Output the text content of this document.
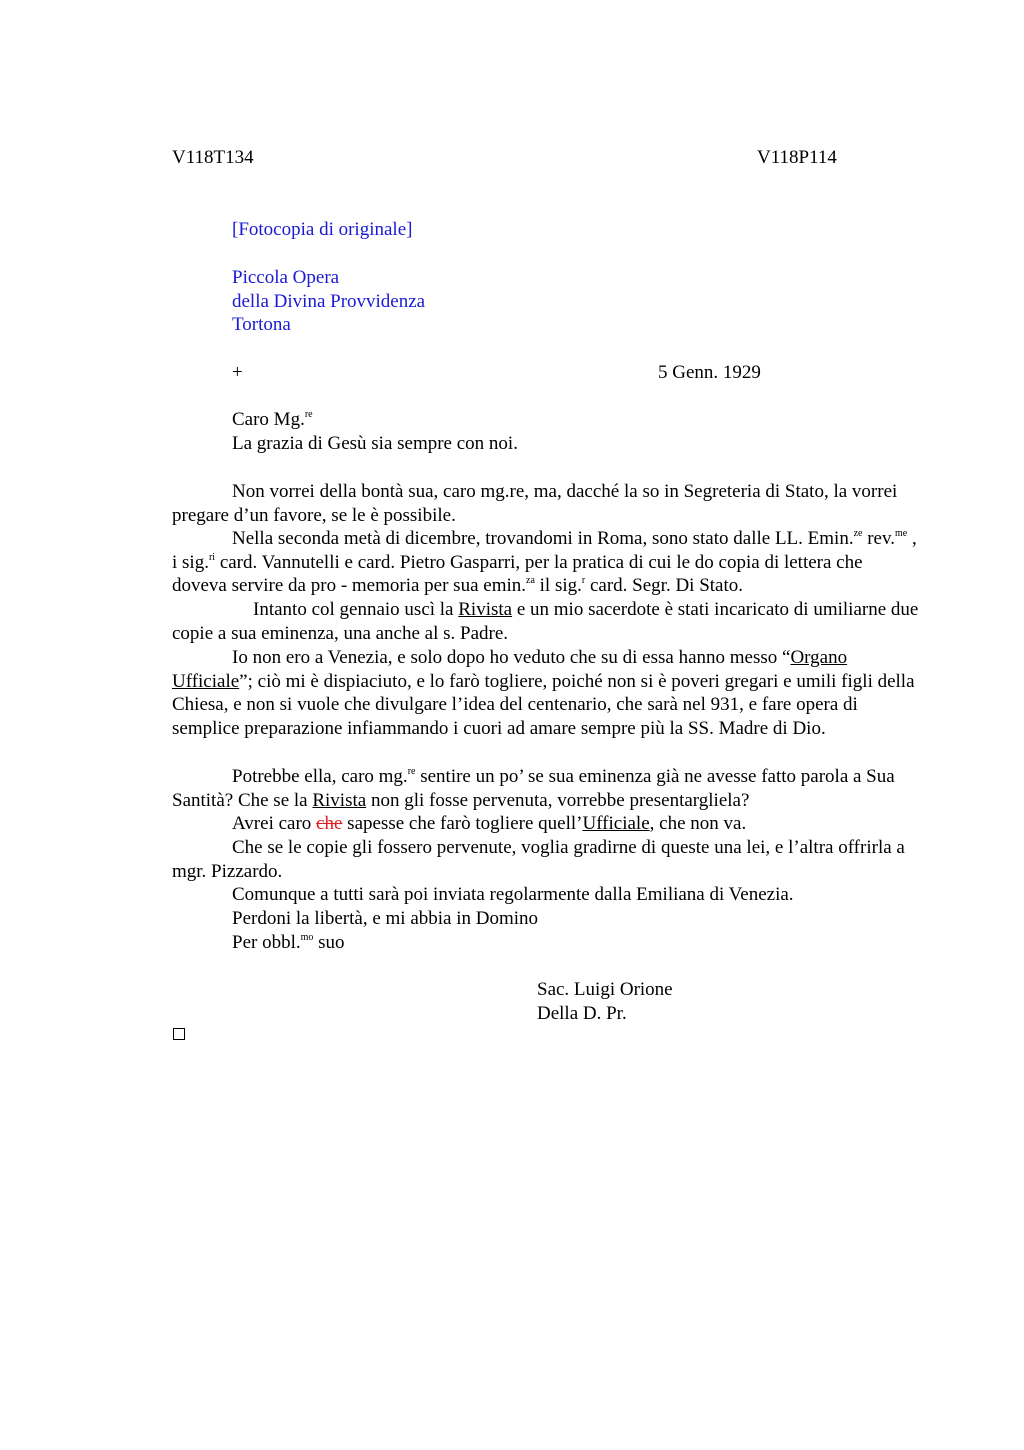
V118T134	V118P114
[Fotocopia di originale]
Piccola Opera
della Divina Provvidenza
Tortona
+	5 Genn. 1929
Caro Mg.$^{re}$
La grazia di Gesù sia sempre con noi.
Non vorrei della bontà sua, caro mg.re, ma, dacché la so in Segreteria di Stato, la vorrei pregare d’un favore, se le è possibile.
Nella seconda metà di dicembre, trovandomi in Roma, sono stato dalle LL. Emin.$^{ze}$ rev.$^{me}$ , i sig.$^{ri}$ card. Vannutelli e card. Pietro Gasparri, per la pratica di cui le do copia di lettera che doveva servire da pro - memoria per sua emin.$^{za}$ il sig.$^r$ card. Segr. Di Stato.
Intanto col gennaio uscì la Rivista e un mio sacerdote è stati incaricato di umiliarne due copie a sua eminenza, una anche al s. Padre.
Io non ero a Venezia, e solo dopo ho veduto che su di essa hanno messo “Organo Ufficiale”; ciò mi è dispiaciuto, e lo farò togliere, poiché non si è poveri gregari e umili figli della Chiesa, e non si vuole che divulgare l’idea del centenario, che sarà nel 931, e fare opera di semplice preparazione infiammando i cuori ad amare sempre più la SS. Madre di Dio.
Potrebbe ella, caro mg.$^{re}$ sentire un po’ se sua eminenza già ne avesse fatto parola a Sua Santità? Che se la Rivista non gli fosse pervenuta, vorrebbe presentargliela?
Avrei caro che sapesse che farò togliere quell’Ufficiale, che non va.
Che se le copie gli fossero pervenute, voglia gradirne di queste una lei, e l’altra offrirla a mgr. Pizzardo.
Comunque a tutti sarà poi inviata regolarmente dalla Emiliana di Venezia.
Perdoni la libertà, e mi abbia in Domino
Per obbl.$^{mo}$ suo
Sac. Luigi Orione
Della D. Pr.
